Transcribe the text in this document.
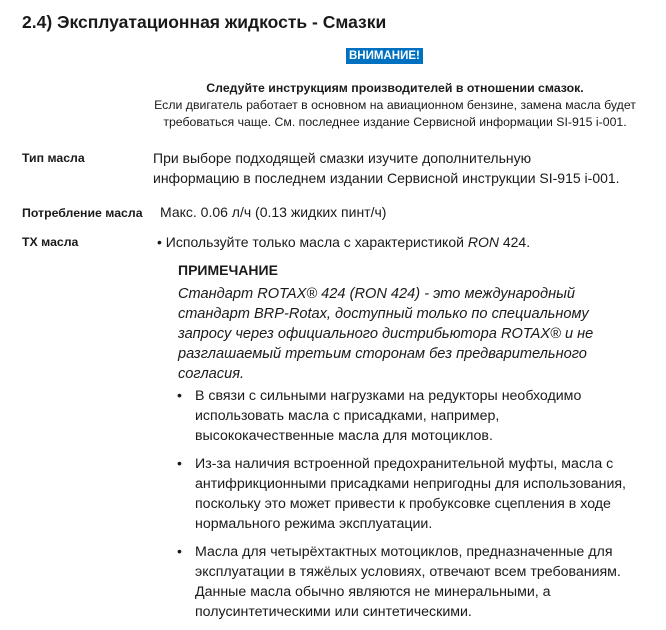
2.4) Эксплуатационная жидкость - Смазки
ВНИМАНИЕ!
Следуйте инструкциям производителей в отношении смазок.
Если двигатель работает в основном на авиационном бензине, замена масла будет
требоваться чаще. См. последнее издание Сервисной информации SI-915 i-001.
Тип масла	При выборе подходящей смазки изучите дополнительную
информацию в последнем издании Сервисной инструкции SI-915 i-001.
Потребление масла Макс. 0.06 л/ч (0.13 жидких пинт/ч)
ТХ масла	• Используйте только масла с характеристикой RON 424.
ПРИМЕЧАНИЕ
Стандарт ROTAX® 424 (RON 424) - это международный
стандарт BRP-Rotax, доступный только по специальному
запросу через официального дистрибьютора ROTAX® и не
разглашаемый третьим сторонам без предварительного
согласия.
• В связи с сильными нагрузками на редукторы необходимо
использовать масла с присадками, например,
высококачественные масла для мотоциклов.
• Из-за наличия встроенной предохранительной муфты, масла с
антифрикционными присадками непригодны для использования,
поскольку это может привести к пробуксовке сцепления в ходе
нормального режима эксплуатации.
• Масла для четырёхтактных мотоциклов, предназначенные для
эксплуатации в тяжёлых условиях, отвечают всем требованиям.
Данные масла обычно являются не минеральными, а
полусинтетическими или синтетическими.
